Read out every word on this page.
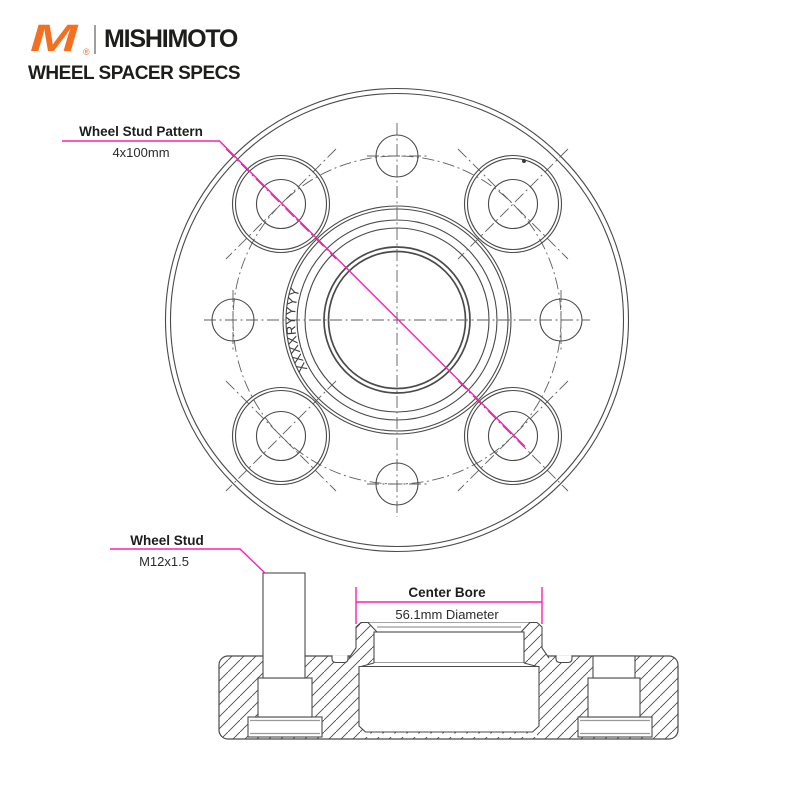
M ® MISHIMOTO
WHEEL SPACER SPECS
XXXXRYYYY
Wheel Stud Pattern
4x100mm
Wheel Stud
M12x1.5
Center Bore
56.1mm Diameter
